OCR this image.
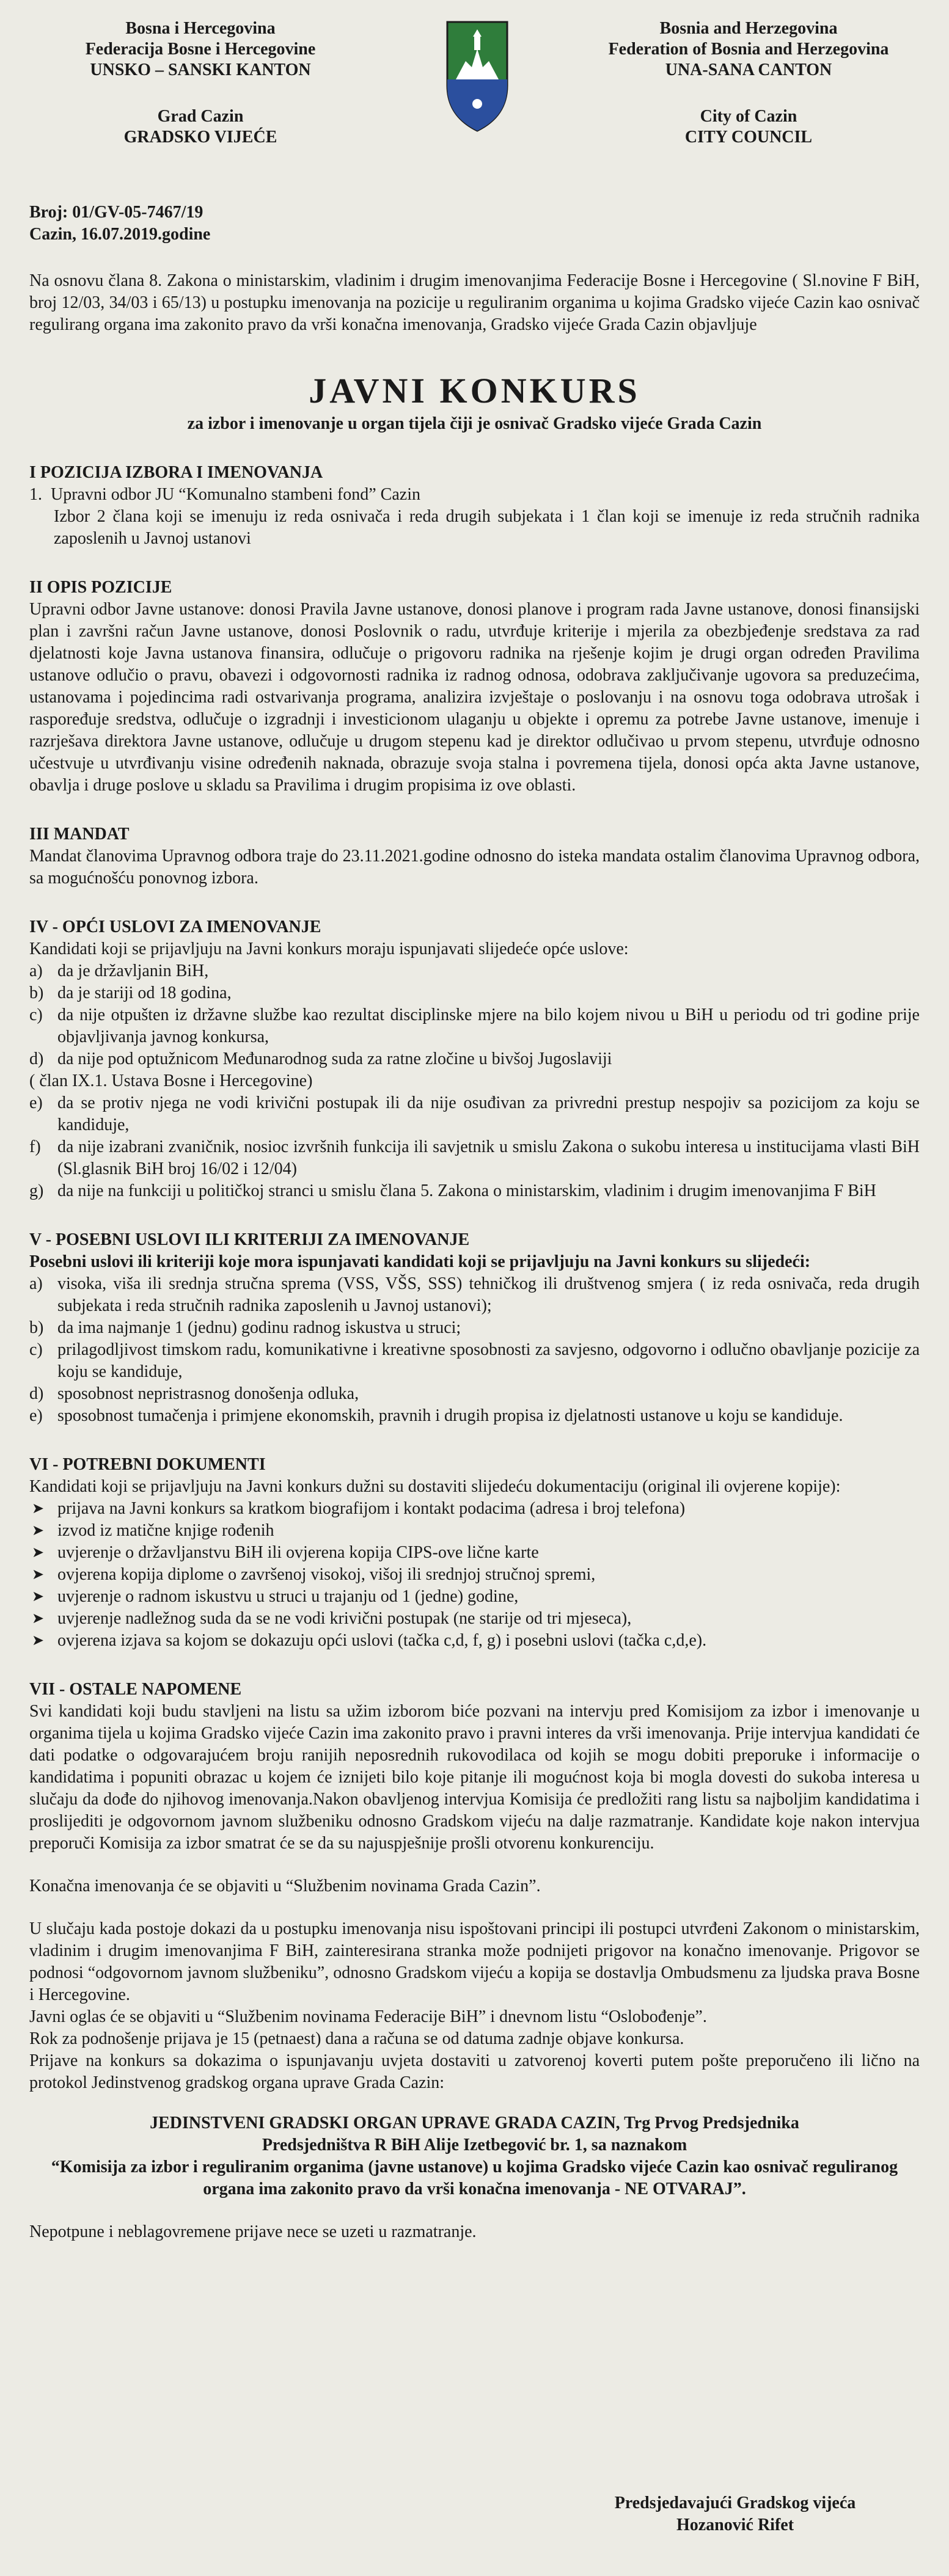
Bosna i Hercegovina
Federacija Bosne i Hercegovine
UNSKO – SANSKI KANTON
Grad Cazin
GRADSKO VIJEĆE
Bosnia and Herzegovina
Federation of Bosnia and Herzegovina
UNA-SANA CANTON
City of Cazin
CITY COUNCIL
Broj: 01/GV-05-7467/19
Cazin, 16.07.2019.godine

Na osnovu člana 8. Zakona o ministarskim, vladinim i drugim imenovanjima Federacije Bosne i Hercegovine ( Sl.novine F BiH, broj 12/03, 34/03 i 65/13) u postupku imenovanja na pozicije u reguliranim organima u kojima Gradsko vijeće Cazin kao osnivač regulirang organa ima zakonito pravo da vrši konačna imenovanja, Gradsko vijeće Grada Cazin objavljuje

JAVNI KONKURS
za izbor i imenovanje u organ tijela čiji je osnivač Gradsko vijeće Grada Cazin
I POZICIJA IZBORA I IMENOVANJA
1.  Upravni odbor JU “Komunalno stambeni fond” Cazin

Izbor 2 člana koji se imenuju iz reda osnivača i reda drugih subjekata i 1 član koji se imenuje iz reda stručnih radnika zaposlenih u Javnoj ustanovi

II OPIS POZICIJE

Upravni odbor Javne ustanove: donosi Pravila Javne ustanove, donosi planove i program rada Javne ustanove, donosi finansijski plan i završni račun Javne ustanove, donosi Poslovnik o radu, utvrđuje kriterije i mjerila za obezbjeđenje sredstava za rad djelatnosti koje Javna ustanova finansira, odlučuje o prigovoru radnika na rješenje kojim je drugi organ određen Pravilima ustanove odlučio o pravu, obavezi i odgovornosti radnika iz radnog odnosa, odobrava zaključivanje ugovora sa preduzećima, ustanovama i pojedincima radi ostvarivanja programa, analizira izvještaje o poslovanju i na osnovu toga odobrava utrošak i raspoređuje sredstva, odlučuje o izgradnji i investicionom ulaganju u objekte i opremu za potrebe Javne ustanove, imenuje i razrješava direktora Javne ustanove, odlučuje u drugom stepenu kad je direktor odlučivao u prvom stepenu, utvrđuje odnosno učestvuje u utvrđivanju visine određenih naknada, obrazuje svoja stalna i povremena tijela, donosi opća akta Javne ustanove, obavlja i druge poslove u skladu sa Pravilima i drugim propisima iz ove oblasti.

III MANDAT

Mandat članovima Upravnog odbora traje do 23.11.2021.godine odnosno do isteka mandata ostalim članovima Upravnog odbora, sa mogućnošću ponovnog izbora.

IV - OPĆI USLOVI ZA IMENOVANJE

Kandidati koji se prijavljuju na Javni konkurs moraju ispunjavati slijedeće opće uslove:

a) da je državljanin BiH,
b) da je stariji od 18 godina,
c) da nije otpušten iz državne službe kao rezultat disciplinske mjere na bilo kojem nivou u BiH u periodu od tri godine prije objavljivanja javnog konkursa,
d) da nije pod optužnicom Međunarodnog suda za ratne zločine u bivšoj Jugoslaviji
( član IX.1. Ustava Bosne i Hercegovine)
e) da se protiv njega ne vodi krivični postupak ili da nije osuđivan za privredni prestup nespojiv sa pozicijom za koju se kandiduje,
f) da nije izabrani zvaničnik, nosioc izvršnih funkcija ili savjetnik u smislu Zakona o sukobu interesa u institucijama vlasti BiH (Sl.glasnik BiH broj 16/02 i 12/04)
g) da nije na funkciji u političkoj stranci u smislu člana 5. Zakona o ministarskim, vladinim i drugim imenovanjima F BiH
V - POSEBNI USLOVI ILI KRITERIJI ZA IMENOVANJE

Posebni uslovi ili kriteriji koje mora ispunjavati kandidati koji se prijavljuju na Javni konkurs su slijedeći:

a) visoka, viša ili srednja stručna sprema (VSS, VŠS, SSS) tehničkog ili društvenog smjera ( iz reda osnivača, reda drugih subjekata i reda stručnih radnika zaposlenih u Javnoj ustanovi);
b) da ima najmanje 1 (jednu) godinu radnog iskustva u struci;
c) prilagodljivost timskom radu, komunikativne i kreativne sposobnosti za savjesno, odgovorno i odlučno obavljanje pozicije za koju se kandiduje,
d) sposobnost nepristrasnog donošenja odluka,
e) sposobnost tumačenja i primjene ekonomskih, pravnih i drugih propisa iz djelatnosti ustanove u koju se kandiduje.
VI - POTREBNI DOKUMENTI

Kandidati koji se prijavljuju na Javni konkurs dužni su dostaviti slijedeću dokumentaciju (original ili ovjerene kopije):

➤ prijava na Javni konkurs sa kratkom biografijom i kontakt podacima (adresa i broj telefona)
➤ izvod iz matične knjige rođenih
➤ uvjerenje o državljanstvu BiH ili ovjerena kopija CIPS-ove lične karte
➤ ovjerena kopija diplome o završenoj visokoj, višoj ili srednjoj stručnoj spremi,
➤ uvjerenje o radnom iskustvu u struci u trajanju od 1 (jedne) godine,
➤ uvjerenje nadležnog suda da se ne vodi krivični postupak (ne starije od tri mjeseca),
➤ ovjerena izjava sa kojom se dokazuju opći uslovi (tačka c,d, f, g) i posebni uslovi (tačka c,d,e).
VII - OSTALE NAPOMENE

Svi kandidati koji budu stavljeni na listu sa užim izborom biće pozvani na intervju pred Komisijom za izbor i imenovanje u organima tijela u kojima Gradsko vijeće Cazin ima zakonito pravo i pravni interes da vrši imenovanja. Prije intervjua kandidati će dati podatke o odgovarajućem broju ranijih neposrednih rukovodilaca od kojih se mogu dobiti preporuke i informacije o kandidatima i popuniti obrazac u kojem će iznijeti bilo koje pitanje ili mogućnost koja bi mogla dovesti do sukoba interesa u slučaju da dođe do njihovog imenovanja.Nakon obavljenog intervjua Komisija će predložiti rang listu sa najboljim kandidatima i proslijediti je odgovornom javnom službeniku odnosno Gradskom vijeću na dalje razmatranje. Kandidate koje nakon intervjua preporuči Komisija za izbor smatrat će se da su najuspješnije prošli otvorenu konkurenciju.

Konačna imenovanja će se objaviti u “Službenim novinama Grada Cazin”.

U slučaju kada postoje dokazi da u postupku imenovanja nisu ispoštovani principi ili postupci utvrđeni Zakonom o ministarskim, vladinim i drugim imenovanjima F BiH, zainteresirana stranka može podnijeti prigovor na konačno imenovanje. Prigovor se podnosi “odgovornom javnom službeniku”, odnosno Gradskom vijeću a kopija se dostavlja Ombudsmenu za ljudska prava Bosne i Hercegovine.

Javni oglas će se objaviti u “Službenim novinama Federacije BiH” i dnevnom listu “Oslobođenje”.

Rok za podnošenje prijava je 15 (petnaest) dana a računa se od datuma zadnje objave konkursa.

Prijave na konkurs sa dokazima o ispunjavanju uvjeta dostaviti u zatvorenoj koverti putem pošte preporučeno ili lično na protokol Jedinstvenog gradskog organa uprave Grada Cazin:

JEDINSTVENI GRADSKI ORGAN UPRAVE GRADA CAZIN, Trg Prvog Predsjednika
Predsjedništva R BiH Alije Izetbegović br. 1, sa naznakom
“Komisija za izbor i reguliranim organima (javne ustanove) u kojima Gradsko vijeće Cazin kao osnivač reguliranog organa ima zakonito pravo da vrši konačna imenovanja - NE OTVARAJ”.

Nepotpune i neblagovremene prijave nece se uzeti u razmatranje.

Predsjedavajući Gradskog vijeća
Hozanović Rifet
